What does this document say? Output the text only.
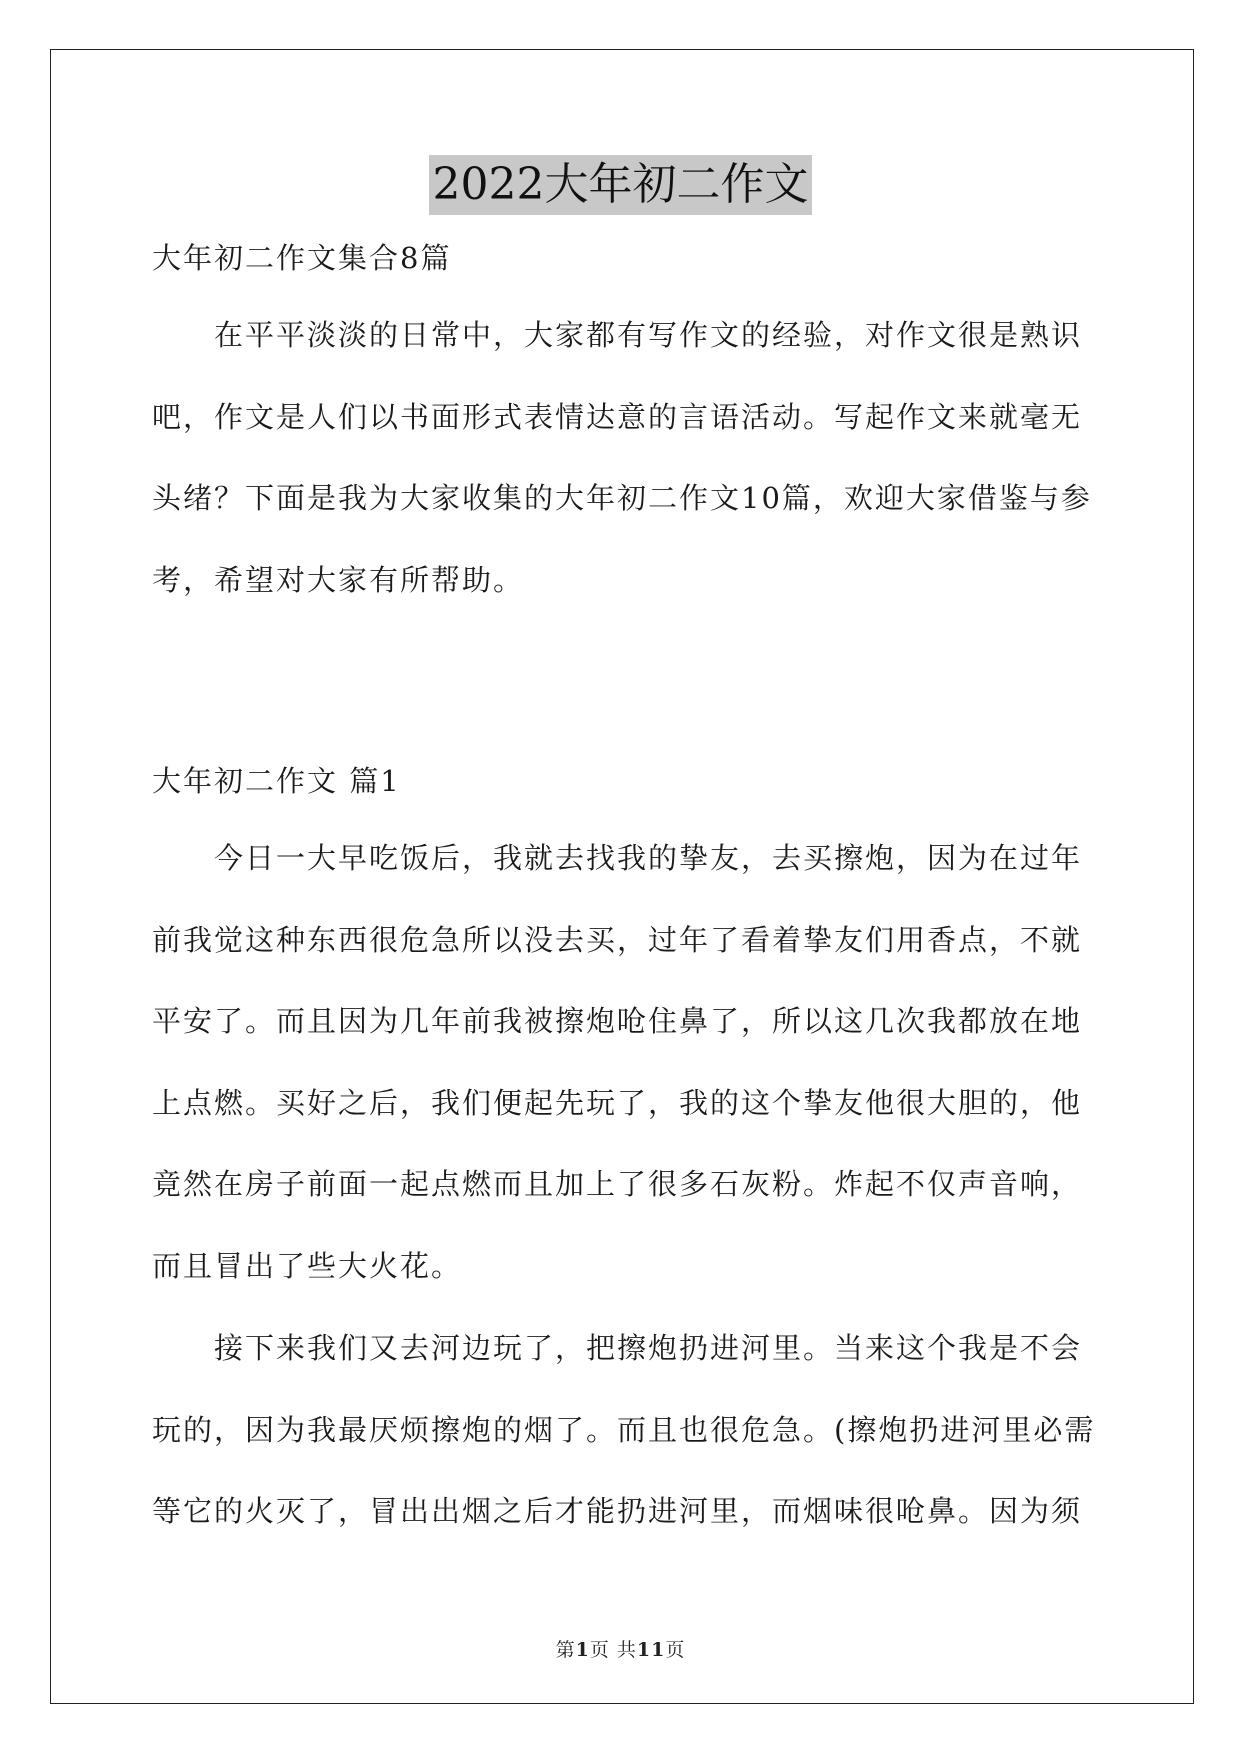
2022大年初二作文

大年初二作文集合8篇

在平平淡淡的日常中，大家都有写作文的经验，对作文很是熟识

吧，作文是人们以书面形式表情达意的言语活动。写起作文来就毫无

头绪？下面是我为大家收集的大年初二作文10篇，欢迎大家借鉴与参

考，希望对大家有所帮助。

大年初二作文 篇1

今日一大早吃饭后，我就去找我的挚友，去买擦炮，因为在过年

前我觉这种东西很危急所以没去买，过年了看着挚友们用香点，不就

平安了。而且因为几年前我被擦炮呛住鼻了，所以这几次我都放在地

上点燃。买好之后，我们便起先玩了，我的这个挚友他很大胆的，他

竟然在房子前面一起点燃而且加上了很多石灰粉。炸起不仅声音响，

而且冒出了些大火花。

接下来我们又去河边玩了，把擦炮扔进河里。当来这个我是不会

玩的，因为我最厌烦擦炮的烟了。而且也很危急。(擦炮扔进河里必需

等它的火灭了，冒出出烟之后才能扔进河里，而烟味很呛鼻。因为须

第1页 共11页
